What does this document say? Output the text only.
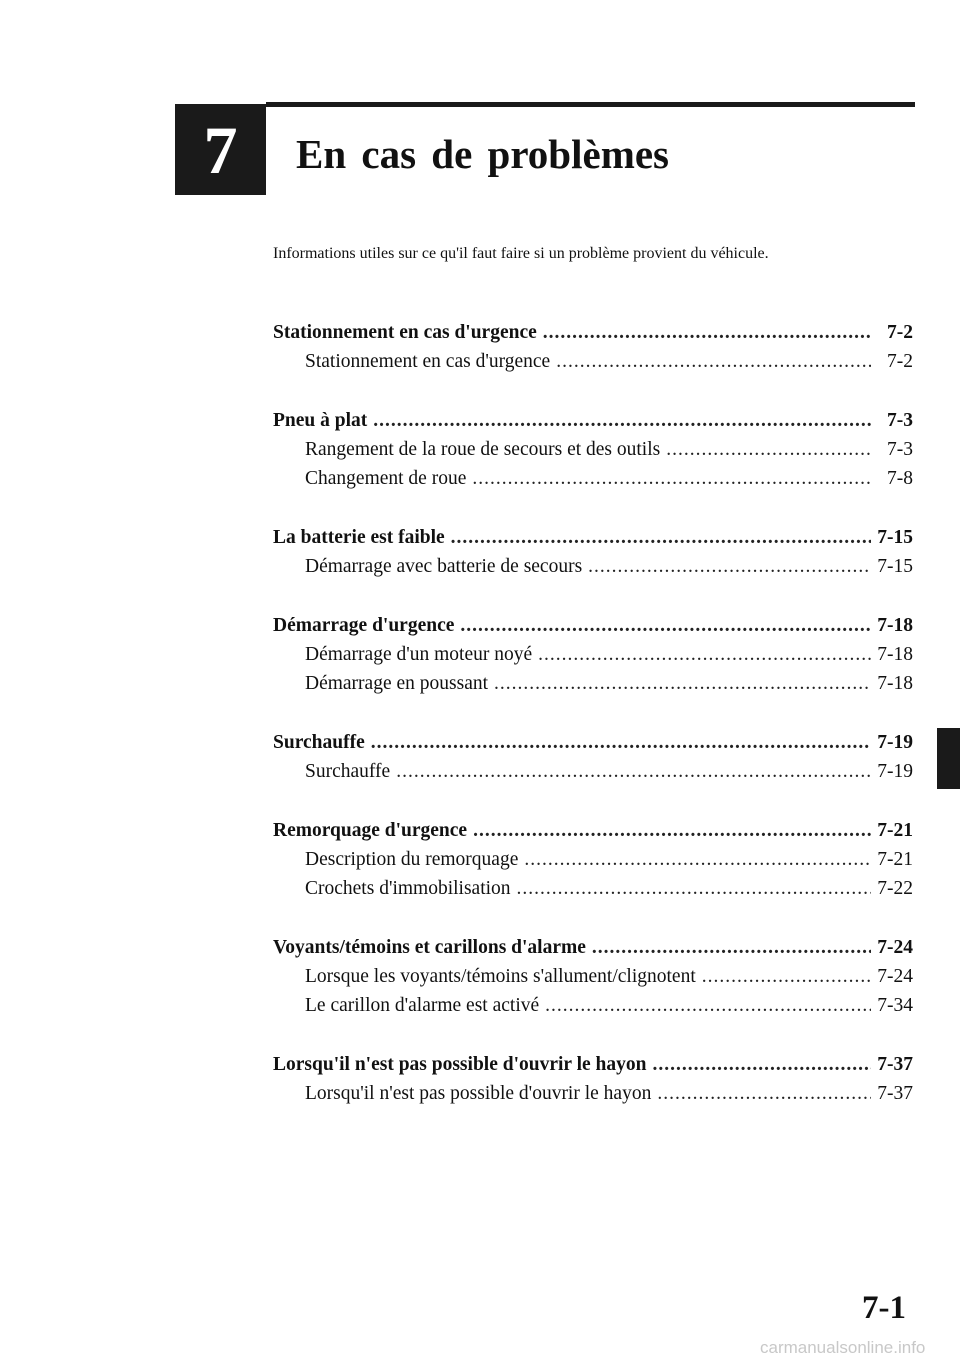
7 En cas de problèmes
Informations utiles sur ce qu'il faut faire si un problème provient du véhicule.
Stationnement en cas d'urgence .....	7-2
Stationnement en cas d'urgence .....	7-2
Pneu à plat .....	7-3
Rangement de la roue de secours et des outils .....	7-3
Changement de roue .....	7-8
La batterie est faible .....	7-15
Démarrage avec batterie de secours .....	7-15
Démarrage d'urgence .....	7-18
Démarrage d'un moteur noyé .....	7-18
Démarrage en poussant .....	7-18
Surchauffe .....	7-19
Surchauffe .....	7-19
Remorquage d'urgence .....	7-21
Description du remorquage .....	7-21
Crochets d'immobilisation .....	7-22
Voyants/témoins et carillons d'alarme .....	7-24
Lorsque les voyants/témoins s'allument/clignotent .....	7-24
Le carillon d'alarme est activé .....	7-34
Lorsqu'il n'est pas possible d'ouvrir le hayon .....	7-37
Lorsqu'il n'est pas possible d'ouvrir le hayon .....	7-37
7-1
carmanualsonline.info
